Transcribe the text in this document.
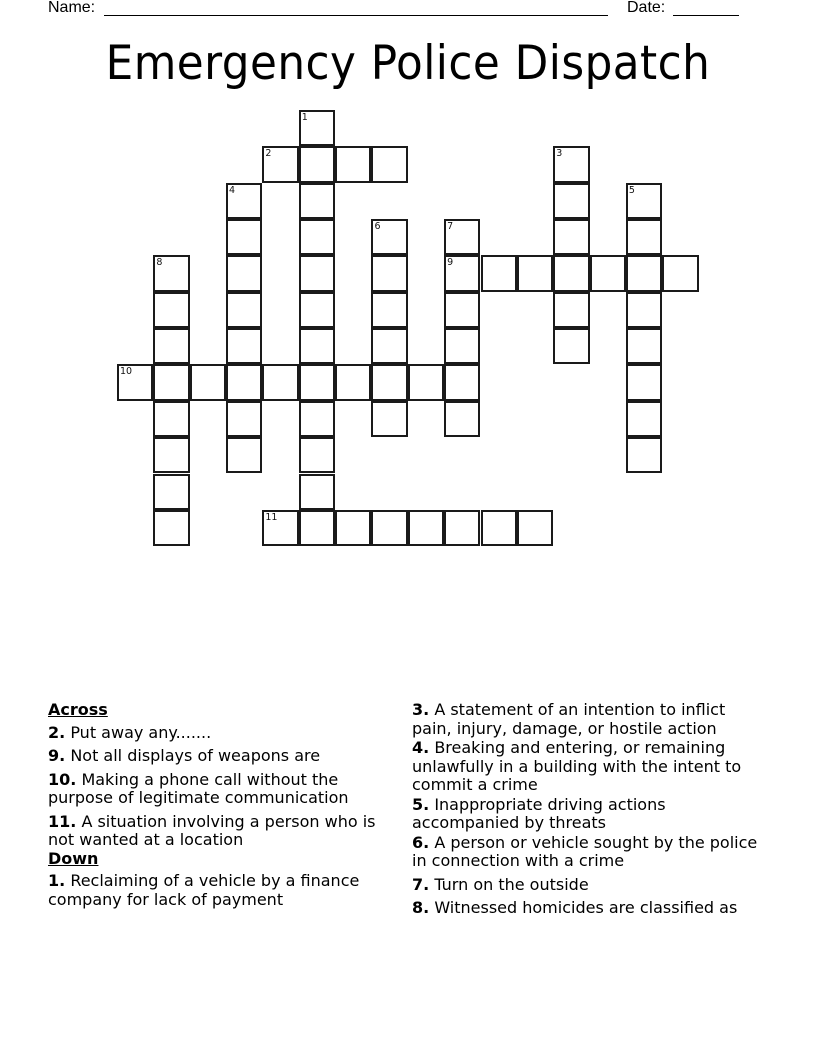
Name:	Date:
Emergency Police Dispatch
1
2	3
4	5
6	7
9
8
10
11
Across
2. Put away any.......
9. Not all displays of weapons are
10. Making a phone call without the purpose of legitimate communication
11. A situation involving a person who is not wanted at a location
Down
1. Reclaiming of a vehicle by a finance company for lack of payment
3. A statement of an intention to inflict pain, injury, damage, or hostile action
4. Breaking and entering, or remaining unlawfully in a building with the intent to commit a crime
5. Inappropriate driving actions accompanied by threats
6. A person or vehicle sought by the police in connection with a crime
7. Turn on the outside
8. Witnessed homicides are classified as
